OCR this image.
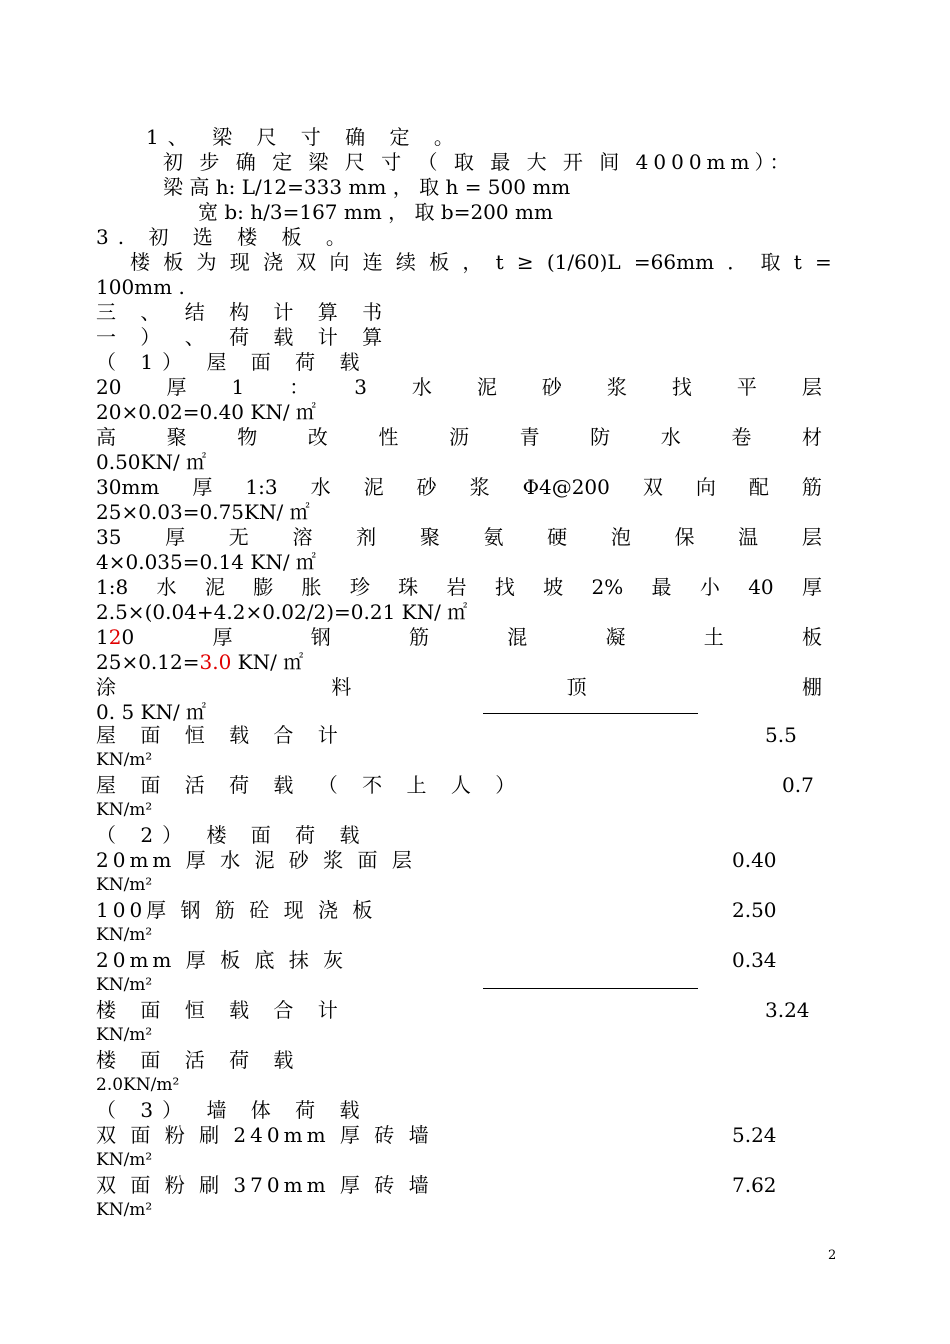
1、 梁 尺 寸 确 定 。
初 步 确 定 梁 尺 寸 （ 取 最 大 开 间 4000mm）：
梁 高 h: L/12=333 mm ， 取 h = 500 mm
宽 b: h/3=167 mm ， 取 b=200 mm
3. 初 选 楼 板 。
楼 板 为 现 浇 双 向 连 续 板 ， t ≥ (1/60)L =66mm ． 取 t =
100mm .
三 、 结 构 计 算 书
一 ） 、 荷 载 计 算
（ 1） 屋 面 荷 载
20 厚 1 ： 3 水 泥 砂 浆 找 平 层
20×0.02=0.40 KN/ ㎡
高	聚	物	改	性	沥	青	防	水	卷	材
0.50KN/ ㎡
30mm 厚 1:3 水 泥 砂 浆 Φ4@200 双 向 配 筋
25×0.03=0.75KN/ ㎡
35 厚 无 溶 剂 聚 氨 硬 泡 保 温 层
4×0.035=0.14 KN/ ㎡
1:8 水 泥 膨 胀 珍 珠 岩 找 坡 2% 最 小 40 厚
2.5×(0.04+4.2×0.02/2)=0.21 KN/ ㎡
120	厚	钢	筋	混	凝	土	板
25×0.12=3.0 KN/ ㎡
涂	料	顶	棚
0. 5 KN/ ㎡
屋 面 恒 载 合 计	5.5
KN/m²
屋 面 活 荷 载 （ 不 上 人 ）	0.7
KN/m²
（ 2） 楼 面 荷 载
20mm 厚 水 泥 砂 浆 面 层	0.40
KN/m²
100厚 钢 筋 砼 现 浇 板	2.50
KN/m²
20mm 厚 板 底 抹 灰	0.34
KN/m²
楼 面 恒 载 合 计	3.24
KN/m²
楼 面 活 荷 载
2.0KN/m²
（ 3） 墙 体 荷 载
双 面 粉 刷 240mm 厚 砖 墙	5.24
KN/m²
双 面 粉 刷 370mm 厚 砖 墙	7.62
KN/m²
2
